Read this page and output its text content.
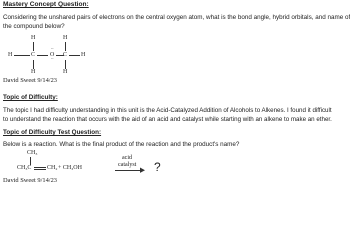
Mastery Concept Question:
Considering the unshared pairs of electrons on the central oxygen atom, what is the bond angle, hybrid orbitals, and name of
the compound below?
H	H
H	C O
··
··
C H
H	H
David Sweet 9/14/23
Topic of Difficulty:
The topic I had difficulty understanding in this unit is the Acid-Catalyzed Addition of Alcohols to Alkenes. I found it difficult
to understand the reaction that occurs with the aid of an acid and catalyst while starting with an alkene to make an ether.
Topic of Difficulty Test Question:
Below is a reaction. What is the final product of the reaction and the product's name?
CH₃
CH₃C	CH₂ + CH₃OH
acid
catalyst ?
David Sweet 9/14/23
